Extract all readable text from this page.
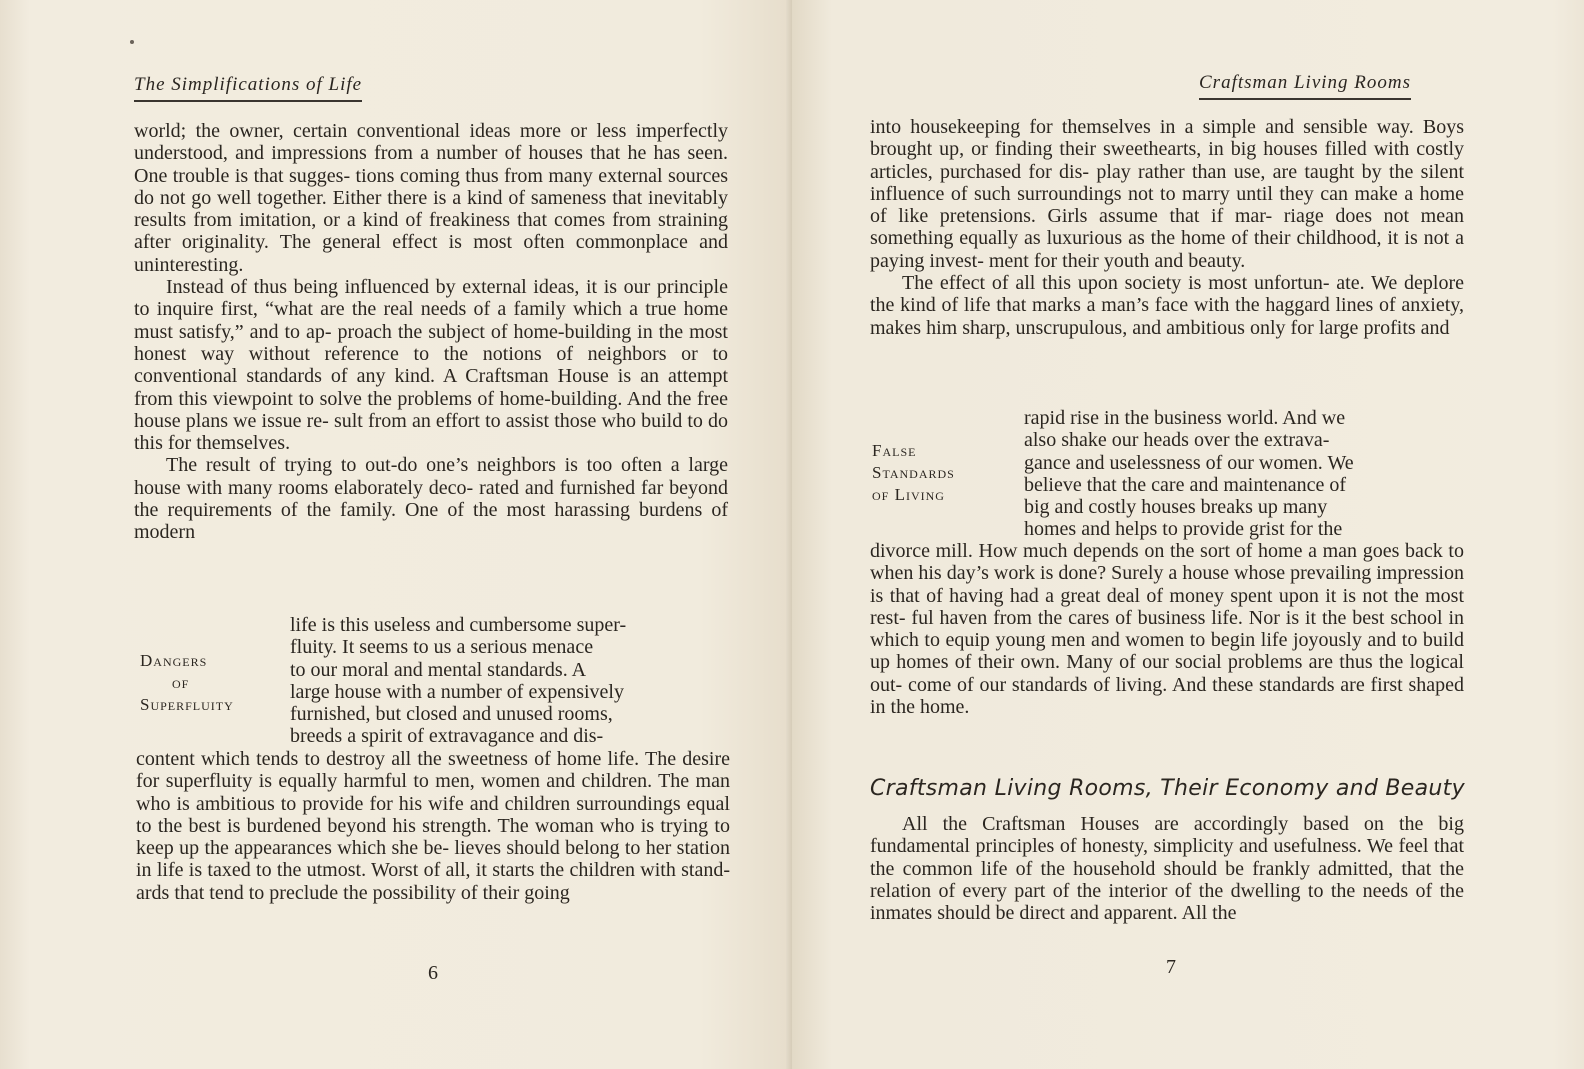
The Simplifications of Life

world; the owner, certain conventional ideas more or less imperfectly understood, and impressions from a number of houses that he has seen. One trouble is that sugges- tions coming thus from many external sources do not go well together. Either there is a kind of sameness that inevitably results from imitation, or a kind of freakiness that comes from straining after originality. The general effect is most often commonplace and uninteresting.

Instead of thus being influenced by external ideas, it is our principle to inquire first, “what are the real needs of a family which a true home must satisfy,” and to ap- proach the subject of home-building in the most honest way without reference to the notions of neighbors or to conventional standards of any kind. A Craftsman House is an attempt from this viewpoint to solve the problems of home-building. And the free house plans we issue re- sult from an effort to assist those who build to do this for themselves.

The result of trying to out-do one’s neighbors is too often a large house with many rooms elaborately deco- rated and furnished far beyond the requirements of the family. One of the most harassing burdens of modern

life is this useless and cumbersome super-
fluity. It seems to us a serious menace
to our moral and mental standards. A
large house with a number of expensively
furnished, but closed and unused rooms,
breeds a spirit of extravagance and dis-
Dangers
of
Superfluity
content which tends to destroy all the sweetness of home life. The desire for superfluity is equally harmful to men, women and children. The man who is ambitious to provide for his wife and children surroundings equal to the best is burdened beyond his strength. The woman who is trying to keep up the appearances which she be- lieves should belong to her station in life is taxed to the utmost. Worst of all, it starts the children with stand- ards that tend to preclude the possibility of their going
6
Craftsman Living Rooms

into housekeeping for themselves in a simple and sensible way. Boys brought up, or finding their sweethearts, in big houses filled with costly articles, purchased for dis- play rather than use, are taught by the silent influence of such surroundings not to marry until they can make a home of like pretensions. Girls assume that if mar- riage does not mean something equally as luxurious as the home of their childhood, it is not a paying invest- ment for their youth and beauty.

The effect of all this upon society is most unfortun- ate. We deplore the kind of life that marks a man’s face with the haggard lines of anxiety, makes him sharp, unscrupulous, and ambitious only for large profits and

rapid rise in the business world. And we
also shake our heads over the extrava-
gance and uselessness of our women. We
believe that the care and maintenance of
big and costly houses breaks up many
homes and helps to provide grist for the
False
Standards
of Living
divorce mill. How much depends on the sort of home a man goes back to when his day’s work is done? Surely a house whose prevailing impression is that of having had a great deal of money spent upon it is not the most rest- ful haven from the cares of business life. Nor is it the best school in which to equip young men and women to begin life joyously and to build up homes of their own. Many of our social problems are thus the logical out- come of our standards of living. And these standards are first shaped in the home.
Craftsman Living Rooms, Their Economy and Beauty
All the Craftsman Houses are accordingly based on the big fundamental principles of honesty, simplicity and usefulness. We feel that the common life of the household should be frankly admitted, that the relation of every part of the interior of the dwelling to the needs of the inmates should be direct and apparent. All the
7
